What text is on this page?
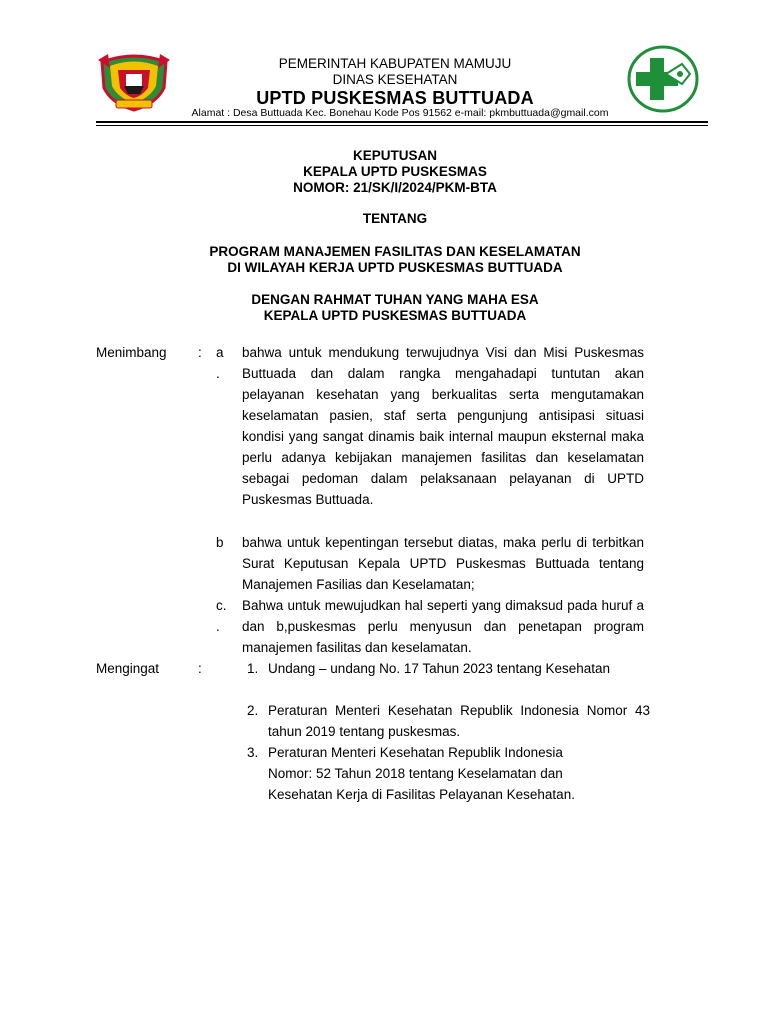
PEMERINTAH KABUPATEN MAMUJU
DINAS KESEHATAN
UPTD PUSKESMAS BUTTUADA
Alamat : Desa Buttuada Kec. Bonehau Kode Pos 91562 e-mail: pkmbuttuada@gmail.com
KEPUTUSAN
KEPALA UPTD PUSKESMAS
NOMOR: 21/SK/I/2024/PKM-BTA
TENTANG
PROGRAM MANAJEMEN FASILITAS DAN KESELAMATAN
DI WILAYAH KERJA UPTD PUSKESMAS BUTTUADA
DENGAN RAHMAT TUHAN YANG MAHA ESA
KEPALA UPTD PUSKESMAS BUTTUADA
Menimbang : a
.
bahwa untuk mendukung terwujudnya Visi dan Misi Puskesmas Buttuada dan dalam rangka mengahadapi tuntutan akan pelayanan kesehatan yang berkualitas serta mengutamakan keselamatan pasien, staf serta pengunjung antisipasi situasi kondisi yang sangat dinamis baik internal maupun eksternal maka perlu adanya kebijakan manajemen fasilitas dan keselamatan sebagai pedoman dalam pelaksanaan pelayanan di UPTD Puskesmas Buttuada.
b bahwa untuk kepentingan tersebut diatas, maka perlu di terbitkan Surat Keputusan Kepala UPTD Puskesmas Buttuada tentang Manajemen Fasilias dan Keselamatan;
c.
.
Bahwa untuk mewujudkan hal seperti yang dimaksud pada huruf a dan b,puskesmas perlu menyusun dan penetapan program manajemen fasilitas dan keselamatan.
Mengingat	:	1. Undang – undang No. 17 Tahun 2023 tentang Kesehatan
2. Peraturan Menteri Kesehatan Republik Indonesia Nomor 43 tahun 2019 tentang puskesmas.
3. Peraturan Menteri Kesehatan Republik Indonesia
Nomor: 52 Tahun 2018 tentang Keselamatan dan
Kesehatan Kerja di Fasilitas Pelayanan Kesehatan.
